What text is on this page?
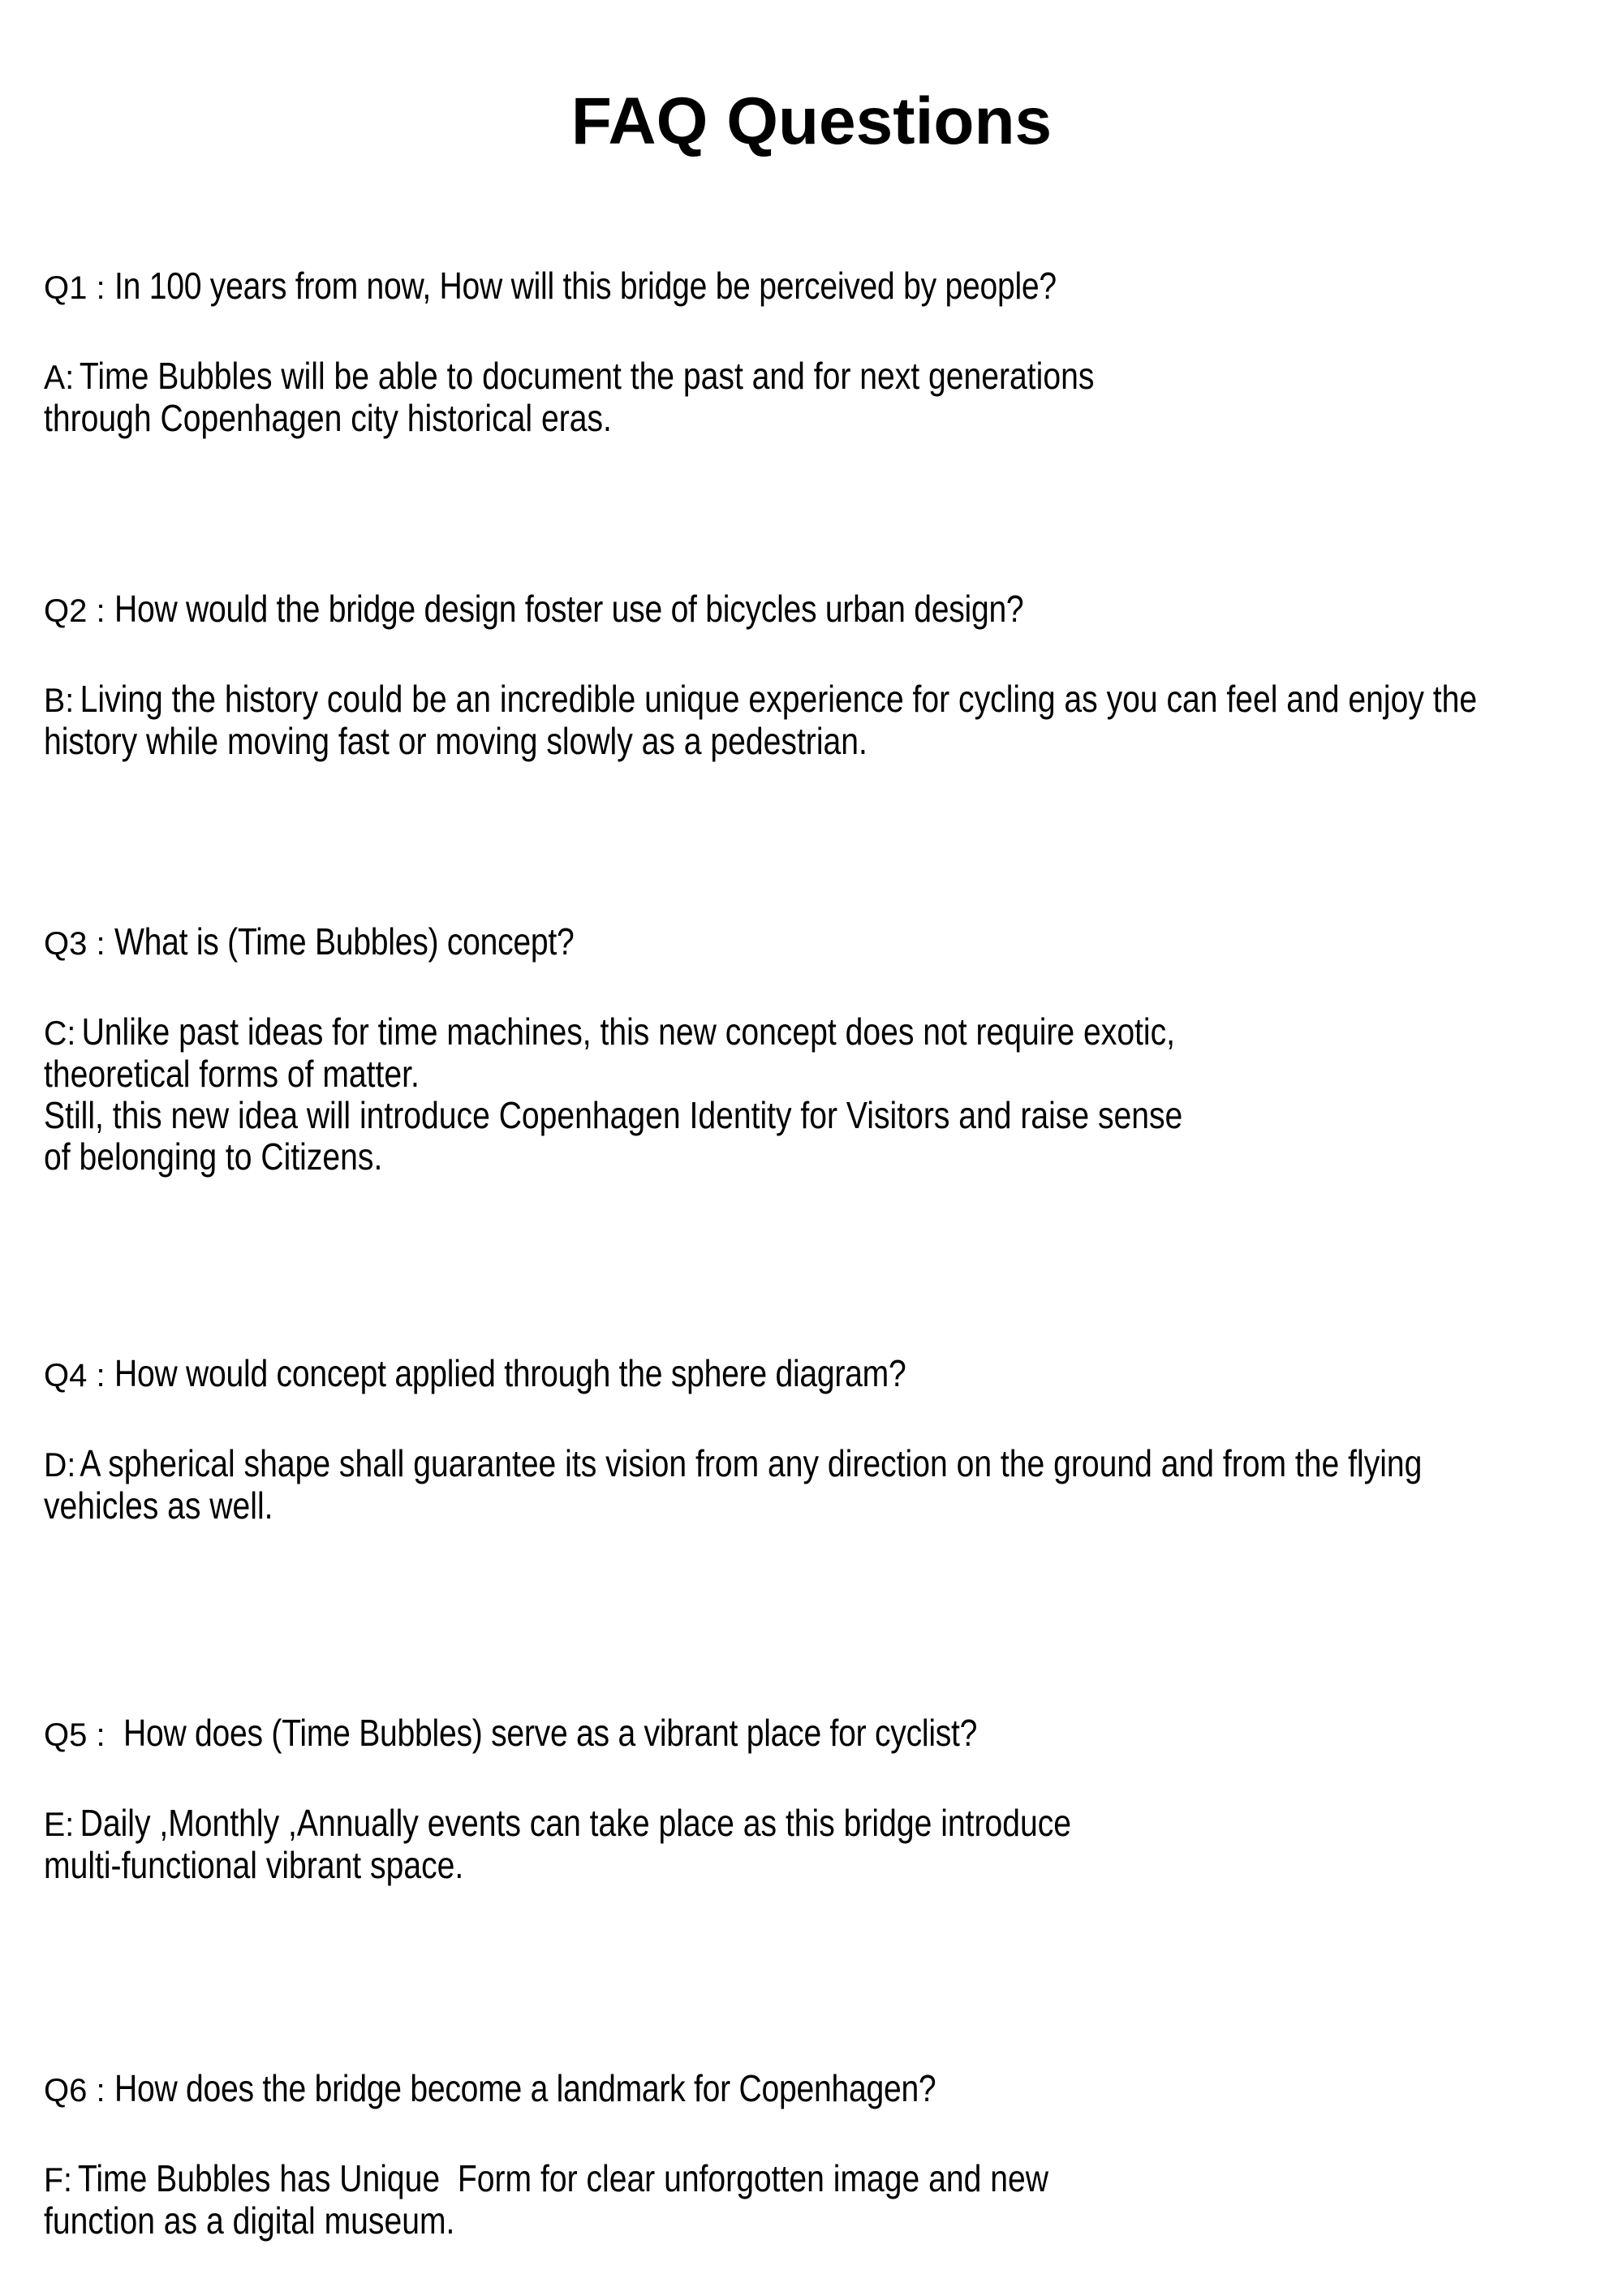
FAQ Questions
Q1 : In 100 years from now, How will this bridge be perceived by people?
A: Time Bubbles will be able to document the past and for next generations
through Copenhagen city historical eras.
Q2 : How would the bridge design foster use of bicycles urban design?
B: Living the history could be an incredible unique experience for cycling as you can feel and enjoy the
history while moving fast or moving slowly as a pedestrian.
Q3 : What is (Time Bubbles) concept?
C: Unlike past ideas for time machines, this new concept does not require exotic,
theoretical forms of matter.
Still, this new idea will introduce Copenhagen Identity for Visitors and raise sense
of belonging to Citizens.
Q4 : How would concept applied through the sphere diagram?
D: A spherical shape shall guarantee its vision from any direction on the ground and from the flying
vehicles as well.
Q5 :  How does (Time Bubbles) serve as a vibrant place for cyclist?
E: Daily ,Monthly ,Annually events can take place as this bridge introduce
multi-functional vibrant space.
Q6 : How does the bridge become a landmark for Copenhagen?
F: Time Bubbles has Unique  Form for clear unforgotten image and new
function as a digital museum.
